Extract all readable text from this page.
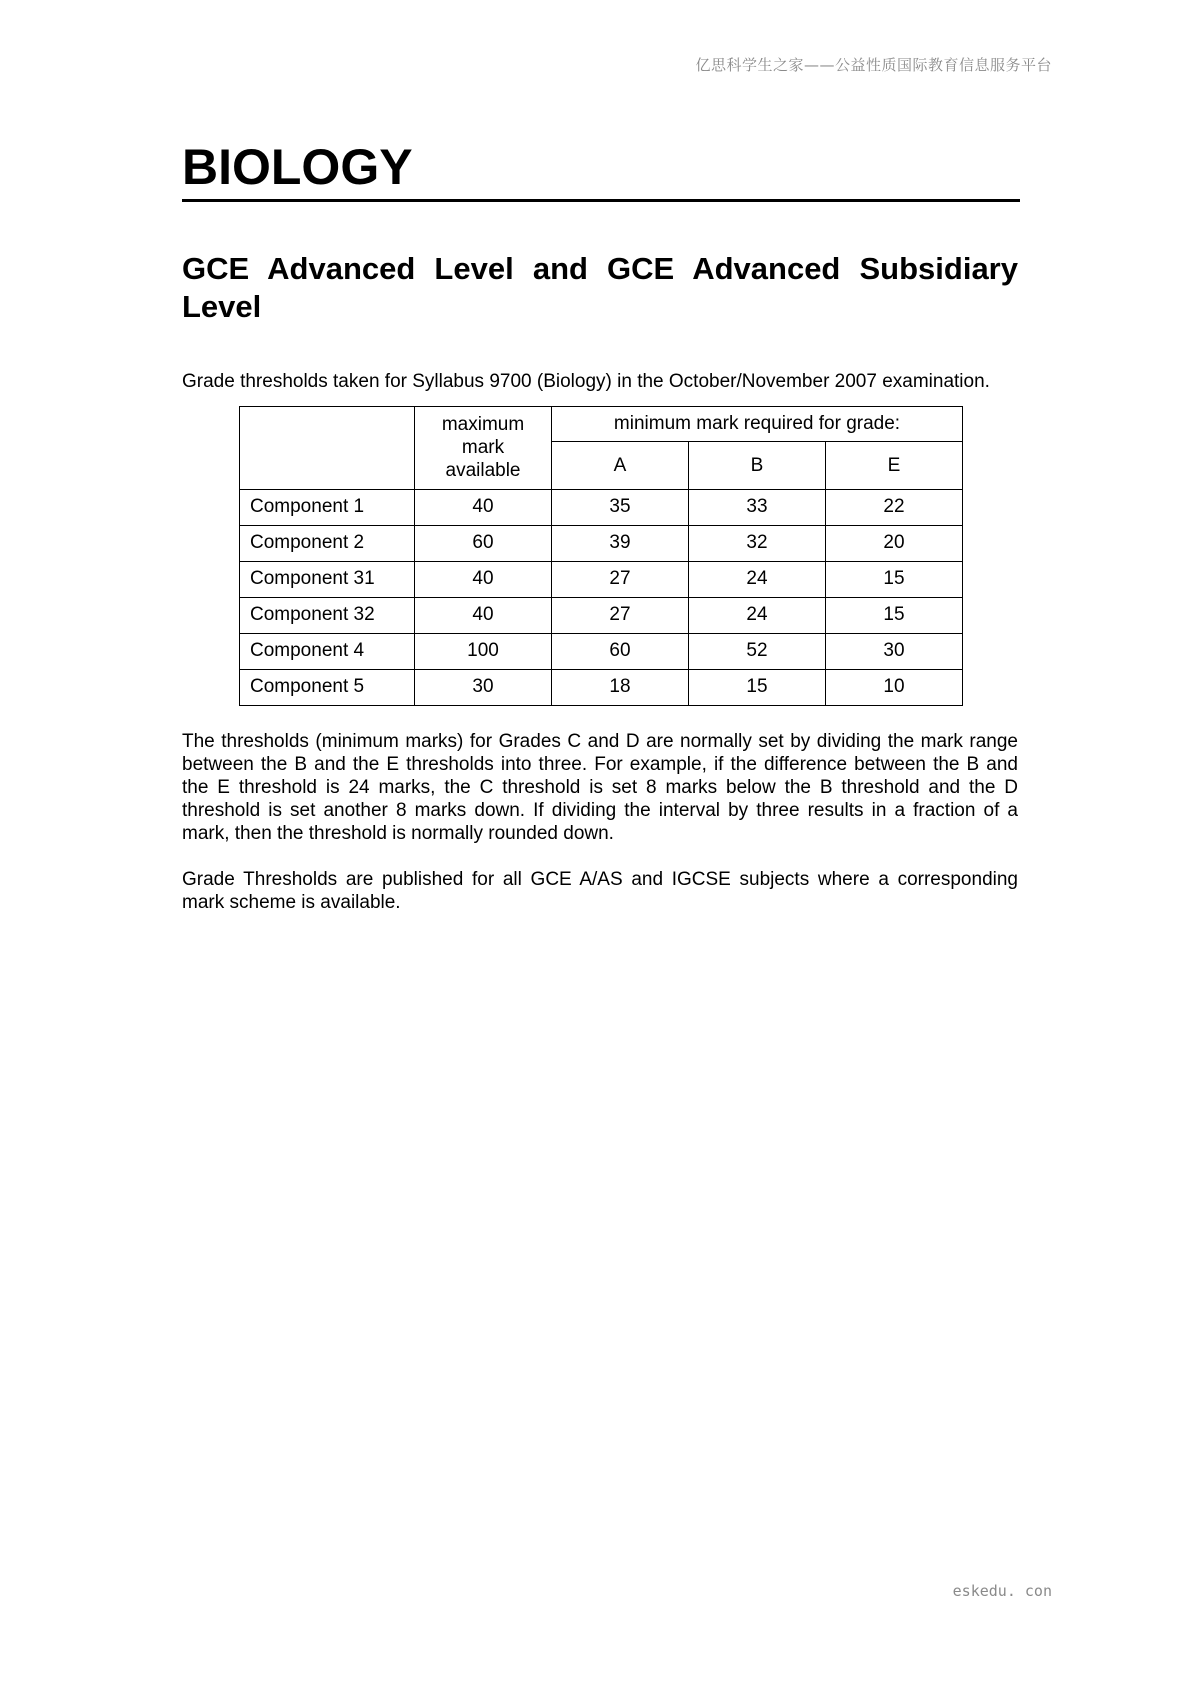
亿思科学生之家——公益性质国际教育信息服务平台
BIOLOGY
GCE Advanced Level and GCE Advanced Subsidiary
Level

Grade thresholds taken for Syllabus 9700 (Biology) in the October/November 2007 examination.

	maximum
mark
available	minimum mark required for grade:		
		A	B	E
Component 1	40	35	33	22
Component 2	60	39	32	20
Component 31	40	27	24	15
Component 32	40	27	24	15
Component 4	100	60	52	30
Component 5	30	18	15	10

The thresholds (minimum marks) for Grades C and D are normally set by dividing the mark range between the B and the E thresholds into three. For example, if the difference between the B and the E threshold is 24 marks, the C threshold is set 8 marks below the B threshold and the D threshold is set another 8 marks down. If dividing the interval by three results in a fraction of a mark, then the threshold is normally rounded down.

Grade Thresholds are published for all GCE A/AS and IGCSE subjects where a corresponding mark scheme is available.

eskedu. con
